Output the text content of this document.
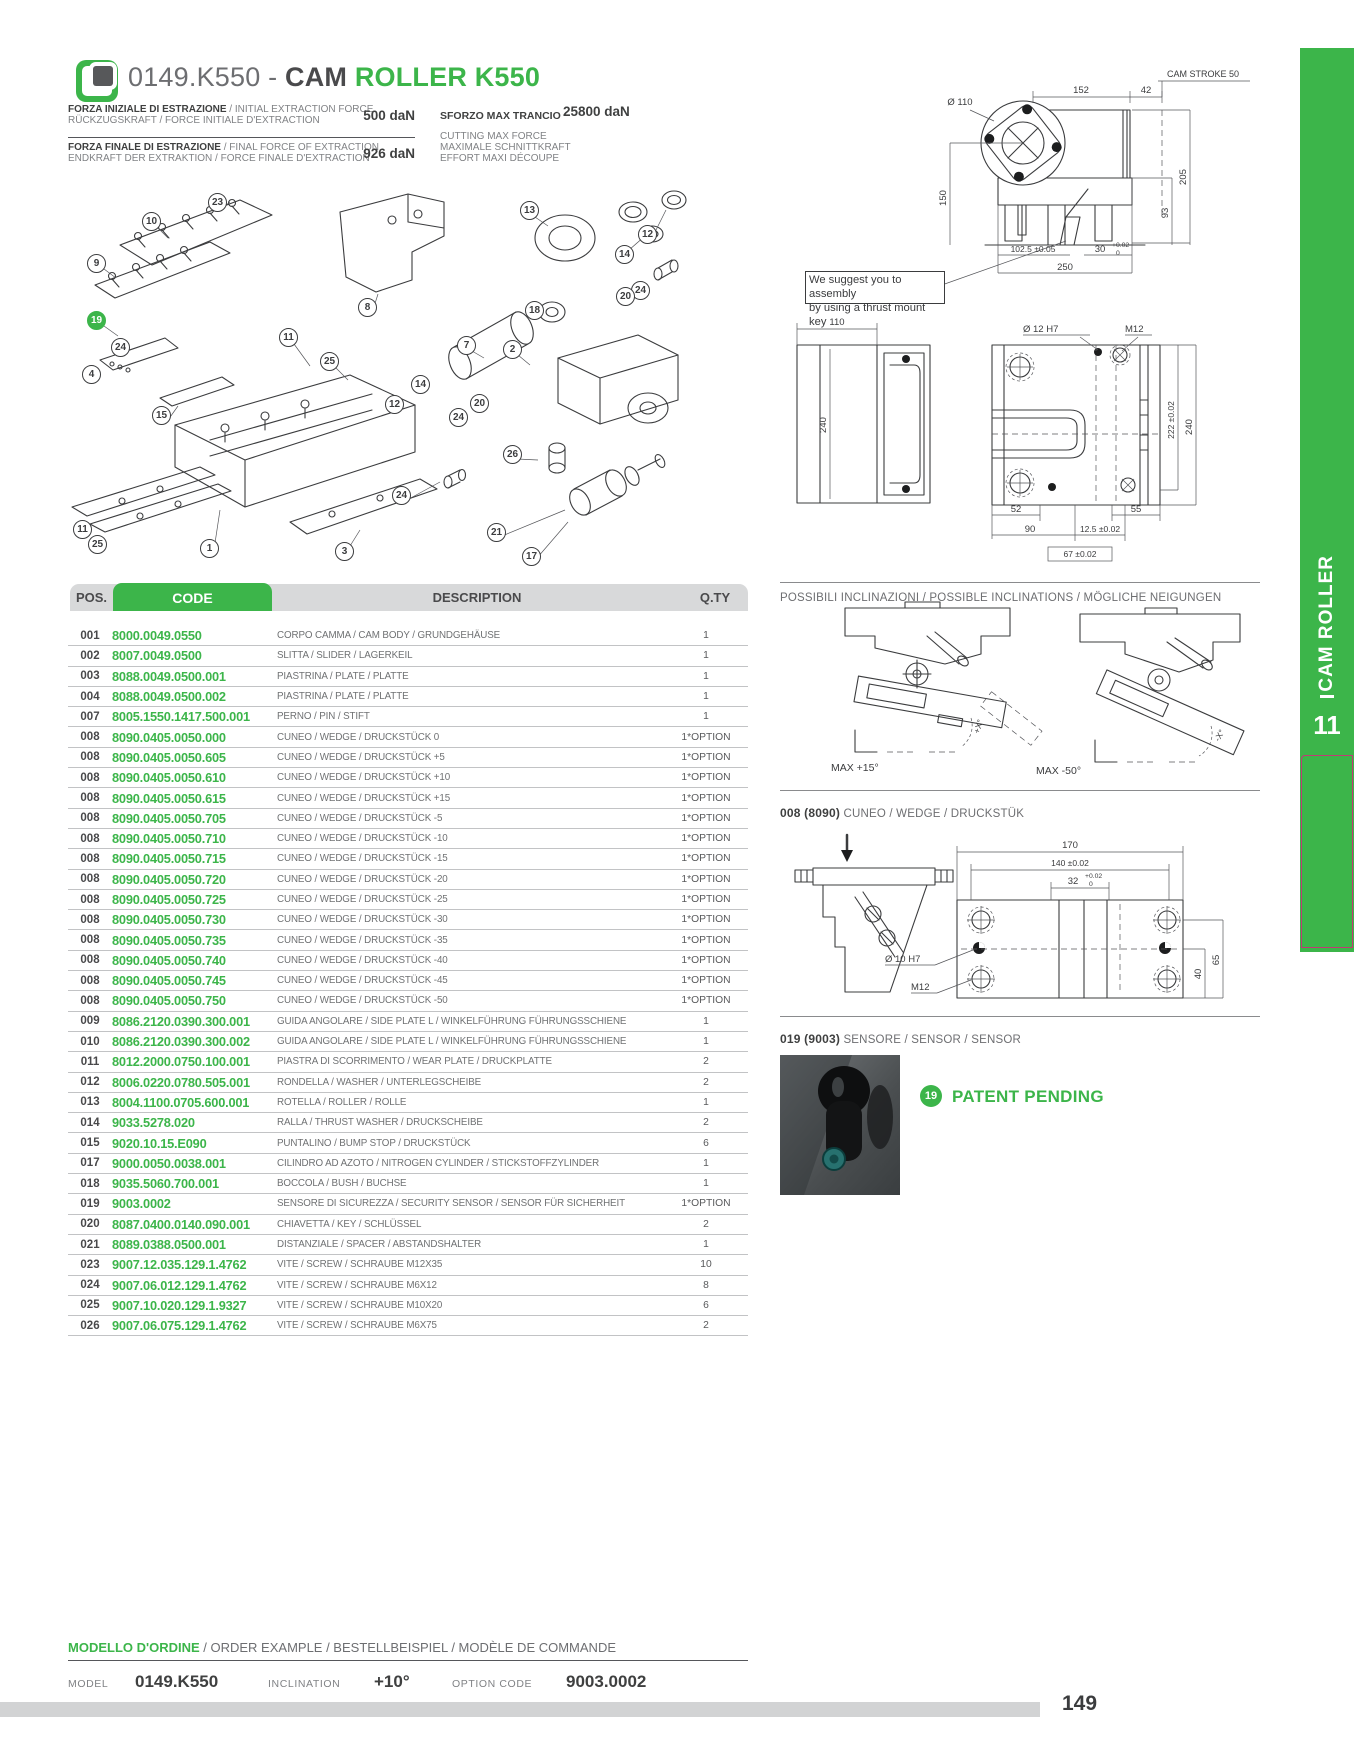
0149.K550 - CAM ROLLER K550
FORZA INIZIALE DI ESTRAZIONE / INITIAL EXTRACTION FORCE
RÜCKZUGSKRAFT / FORCE INITIALE D'EXTRACTION	500 daN
FORZA FINALE DI ESTRAZIONE / FINAL FORCE OF EXTRACTION
ENDKRAFT DER EXTRAKTION / FORCE FINALE D'EXTRACTION
926 daN
SFORZO MAX TRANCIO 25800 daN
CUTTING MAX FORCE
MAXIMALE SCHNITTKRAFT
EFFORT MAXI DÉCOUPE
10
23
9
19
24
4
15
11
25
12
14
8
7
13
12
14
18
2
24
20
24
20
26
11
25	1	3
24
21
17
CAM STROKE 50
152	42
Ø 110
150
205
93
102.5 ±0.05	30 +0.02
0
250
We suggest you to assembly
by using a thrust mount key 110
240
Ø 12 H7	M12
222 ±0.02 240
52	55
90	12.5 ±0.02
67 ±0.02
POSSIBILI INCLINAZIONI / POSSIBLE INCLINATIONS / MÖGLICHE NEIGUNGEN
+X°
-X°
MAX +15°	MAX -50°
008 (8090) CUNEO / WEDGE / DRUCKSTÜK
170
140 ±0.02
32 +0.02
0
Ø 10 H7
M12
40
65
019 (9003) SENSORE / SENSOR / SENSOR
19 PATENT PENDING
POS.	CODE	DESCRIPTION	Q.TY
001 8000.0049.0550	CORPO CAMMA / CAM BODY / GRUNDGEHÄUSE	1
002 8007.0049.0500	SLITTA / SLIDER / LAGERKEIL	1
003 8088.0049.0500.001	PIASTRINA / PLATE / PLATTE	1
004 8088.0049.0500.002	PIASTRINA / PLATE / PLATTE	1
007 8005.1550.1417.500.001	PERNO / PIN / STIFT	1
008 8090.0405.0050.000	CUNEO / WEDGE / DRUCKSTÜCK 0	1*OPTION
008 8090.0405.0050.605	CUNEO / WEDGE / DRUCKSTÜCK +5	1*OPTION
008 8090.0405.0050.610	CUNEO / WEDGE / DRUCKSTÜCK +10	1*OPTION
008 8090.0405.0050.615	CUNEO / WEDGE / DRUCKSTÜCK +15	1*OPTION
008 8090.0405.0050.705	CUNEO / WEDGE / DRUCKSTÜCK -5	1*OPTION
008 8090.0405.0050.710	CUNEO / WEDGE / DRUCKSTÜCK -10	1*OPTION
008 8090.0405.0050.715	CUNEO / WEDGE / DRUCKSTÜCK -15	1*OPTION
008 8090.0405.0050.720	CUNEO / WEDGE / DRUCKSTÜCK -20	1*OPTION
008 8090.0405.0050.725	CUNEO / WEDGE / DRUCKSTÜCK -25	1*OPTION
008 8090.0405.0050.730	CUNEO / WEDGE / DRUCKSTÜCK -30	1*OPTION
008 8090.0405.0050.735	CUNEO / WEDGE / DRUCKSTÜCK -35	1*OPTION
008 8090.0405.0050.740	CUNEO / WEDGE / DRUCKSTÜCK -40	1*OPTION
008 8090.0405.0050.745	CUNEO / WEDGE / DRUCKSTÜCK -45	1*OPTION
008 8090.0405.0050.750	CUNEO / WEDGE / DRUCKSTÜCK -50	1*OPTION
009 8086.2120.0390.300.001	GUIDA ANGOLARE / SIDE PLATE L / WINKELFÜHRUNG FÜHRUNGSSCHIENE	1
010 8086.2120.0390.300.002	GUIDA ANGOLARE / SIDE PLATE L / WINKELFÜHRUNG FÜHRUNGSSCHIENE	1
011 8012.2000.0750.100.001	PIASTRA DI SCORRIMENTO / WEAR PLATE / DRUCKPLATTE	2
012 8006.0220.0780.505.001	RONDELLA / WASHER / UNTERLEGSCHEIBE	2
013 8004.1100.0705.600.001	ROTELLA / ROLLER / ROLLE	1
014 9033.5278.020	RALLA / THRUST WASHER / DRUCKSCHEIBE	2
015 9020.10.15.E090	PUNTALINO / BUMP STOP / DRUCKSTÜCK	6
017 9000.0050.0038.001	CILINDRO AD AZOTO / NITROGEN CYLINDER / STICKSTOFFZYLINDER	1
018 9035.5060.700.001	BOCCOLA / BUSH / BUCHSE	1
019 9003.0002	SENSORE DI SICUREZZA / SECURITY SENSOR / SENSOR FÜR SICHERHEIT	1*OPTION
020 8087.0400.0140.090.001	CHIAVETTA / KEY / SCHLÜSSEL	2
021 8089.0388.0500.001	DISTANZIALE / SPACER / ABSTANDSHALTER	1
023 9007.12.035.129.1.4762	VITE / SCREW / SCHRAUBE M12X35	10
024 9007.06.012.129.1.4762	VITE / SCREW / SCHRAUBE M6X12	8
025 9007.10.020.129.1.9327	VITE / SCREW / SCHRAUBE M10X20	6
026 9007.06.075.129.1.4762	VITE / SCREW / SCHRAUBE M6X75	2
MODELLO D'ORDINE / ORDER EXAMPLE / BESTELLBEISPIEL / MODÈLE DE COMMANDE
MODEL 0149.K550	INCLINATION +10°	OPTION CODE 9003.0002
CAM ROLLER
11
149
